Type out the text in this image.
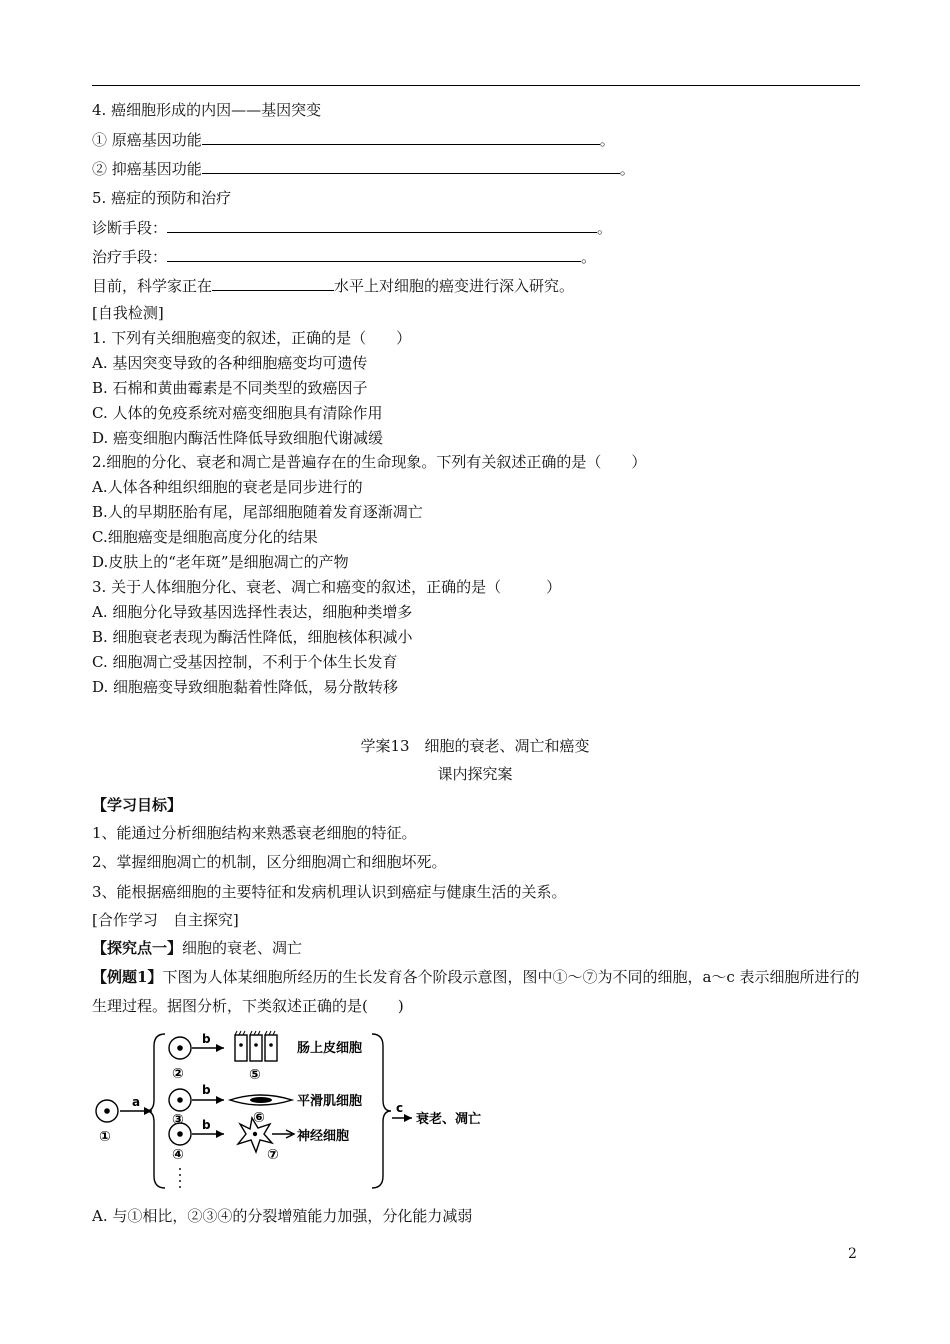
4. 癌细胞形成的内因——基因突变
① 原癌基因功能	。
② 抑癌基因功能	。
5. 癌症的预防和治疗
诊断手段：	。
治疗手段：	。
目前，科学家正在	水平上对细胞的癌变进行深入研究。
[自我检测]
1. 下列有关细胞癌变的叙述，正确的是（　　）
A. 基因突变导致的各种细胞癌变均可遗传
B. 石棉和黄曲霉素是不同类型的致癌因子
C. 人体的免疫系统对癌变细胞具有清除作用
D. 癌变细胞内酶活性降低导致细胞代谢减缓
2.细胞的分化、衰老和凋亡是普遍存在的生命现象。下列有关叙述正确的是（　　）
A.人体各种组织细胞的衰老是同步进行的
B.人的早期胚胎有尾，尾部细胞随着发育逐渐凋亡
C.细胞癌变是细胞高度分化的结果
D.皮肤上的“老年斑”是细胞凋亡的产物
3. 关于人体细胞分化、衰老、凋亡和癌变的叙述，正确的是（　　　）
A. 细胞分化导致基因选择性表达，细胞种类增多
B. 细胞衰老表现为酶活性降低，细胞核体积减小
C. 细胞凋亡受基因控制，不利于个体生长发育
D. 细胞癌变导致细胞黏着性降低，易分散转移
学案13　细胞的衰老、凋亡和癌变
课内探究案
【学习目标】
1、能通过分析细胞结构来熟悉衰老细胞的特征。
2、掌握细胞凋亡的机制，区分细胞凋亡和细胞坏死。
3、能根据癌细胞的主要特征和发病机理认识到癌症与健康生活的关系。
[合作学习　自主探究]
【探究点一】细胞的衰老、凋亡
【例题1】下图为人体某细胞所经历的生长发育各个阶段示意图，图中①～⑦为不同的细胞，a～c 表示细胞所进行的生理过程。据图分析，下类叙述正确的是(　　)
a
b
b
b
c
①
②
③
④
⑤
⑥
⑦
肠上皮细胞
平滑肌细胞
神经细胞
衰老、凋亡
A. 与①相比，②③④的分裂增殖能力加强，分化能力减弱
2
